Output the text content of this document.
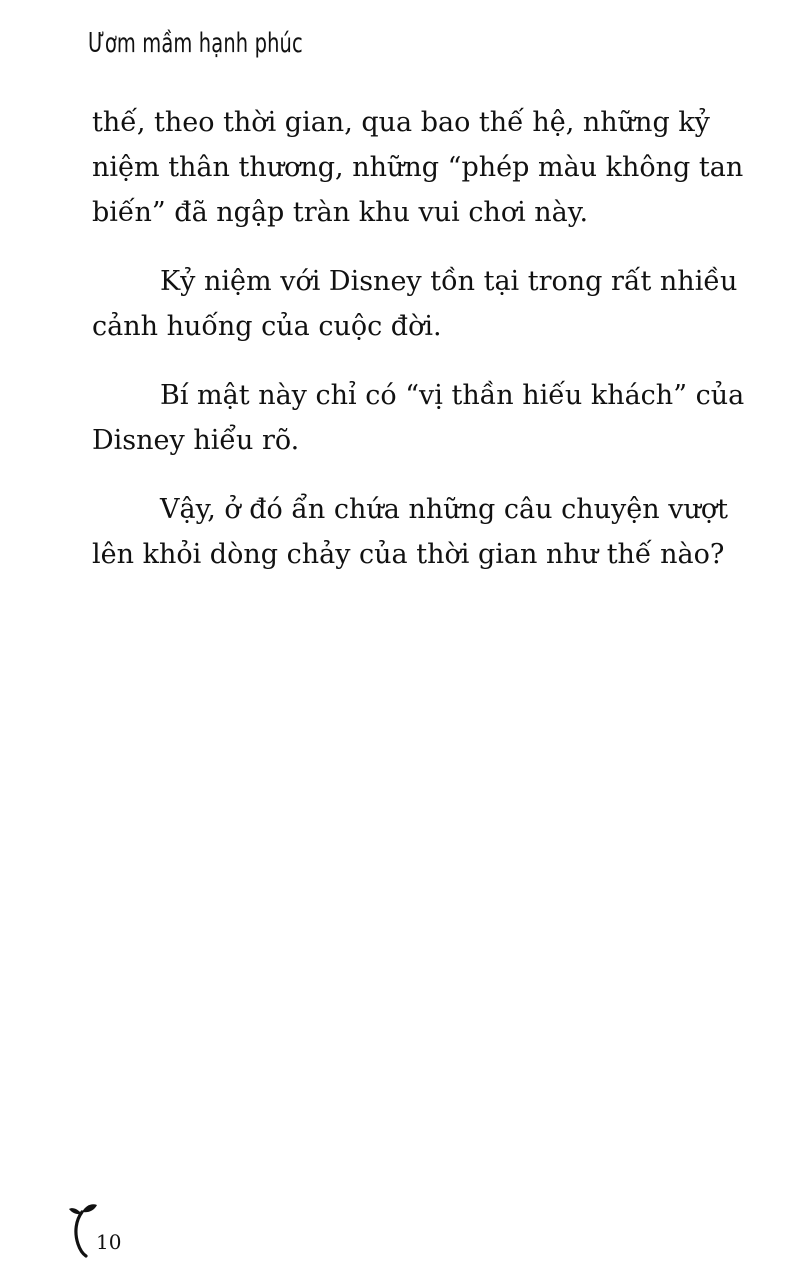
Ươm mầm hạnh phúc

thế, theo thời gian, qua bao thế hệ, những kỷ
niệm thân thương, những “phép màu không tan
biến” đã ngập tràn khu vui chơi này.

Kỷ niệm với Disney tồn tại trong rất nhiều
cảnh huống của cuộc đời.

Bí mật này chỉ có “vị thần hiếu khách” của
Disney hiểu rõ.

Vậy, ở đó ẩn chứa những câu chuyện vượt
lên khỏi dòng chảy của thời gian như thế nào?

10
